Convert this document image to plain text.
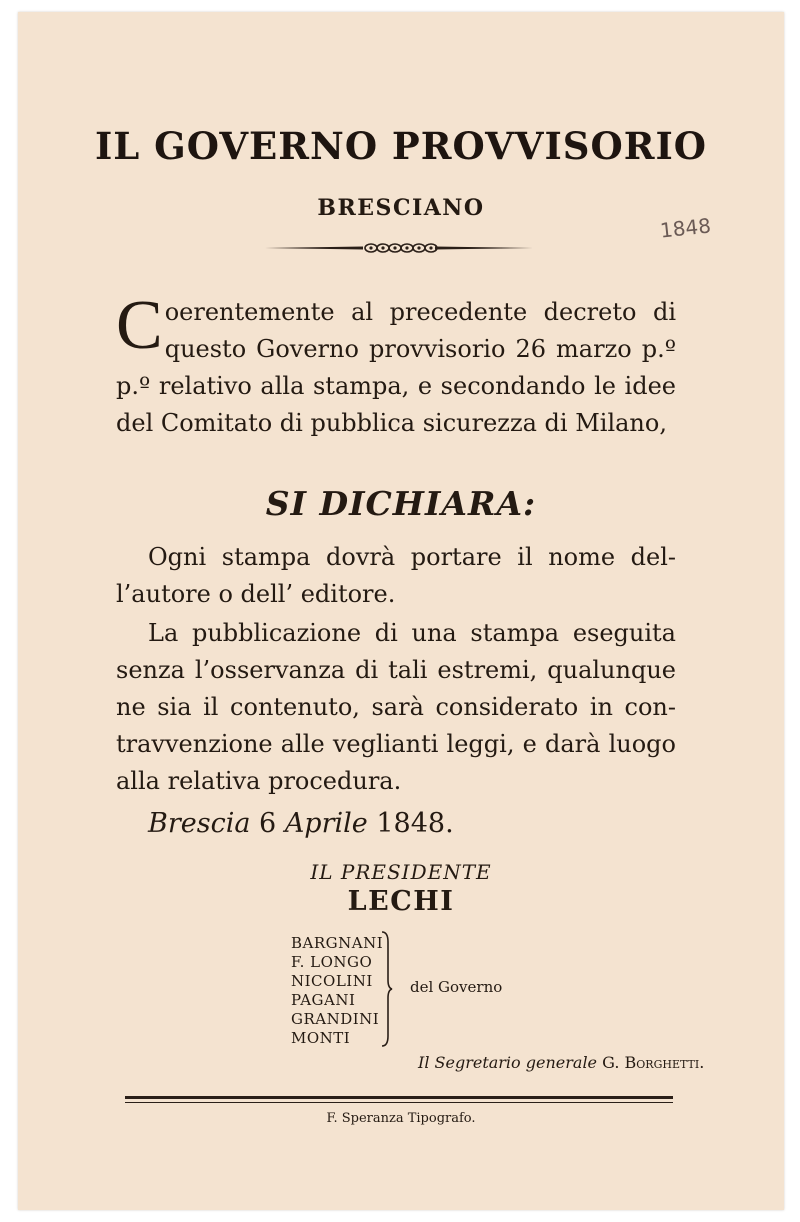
IL GOVERNO PROVVISORIO
BRESCIANO
1848
Coerentemente al precedente decreto di questo Governo provvisorio 26 marzo p.º p.º relativo alla stampa, e secondando le idee del Comitato di pubblica sicurezza di Milano,
SI DICHIARA:
Ogni stampa dovrà portare il nome del- l’autore o dell’ editore.
La pubblicazione di una stampa eseguita senza l’osservanza di tali estremi, qualunque ne sia il contenuto, sarà considerato in con- travvenzione alle veglianti leggi, e darà luogo alla relativa procedura.
Brescia 6 Aprile 1848.
IL PRESIDENTE
LECHI
BARGNANI
F. LONGO
NICOLINI
PAGANI
GRANDINI
MONTI
del Governo
Il Segretario generale G. Borghetti.
F. Speranza Tipografo.
